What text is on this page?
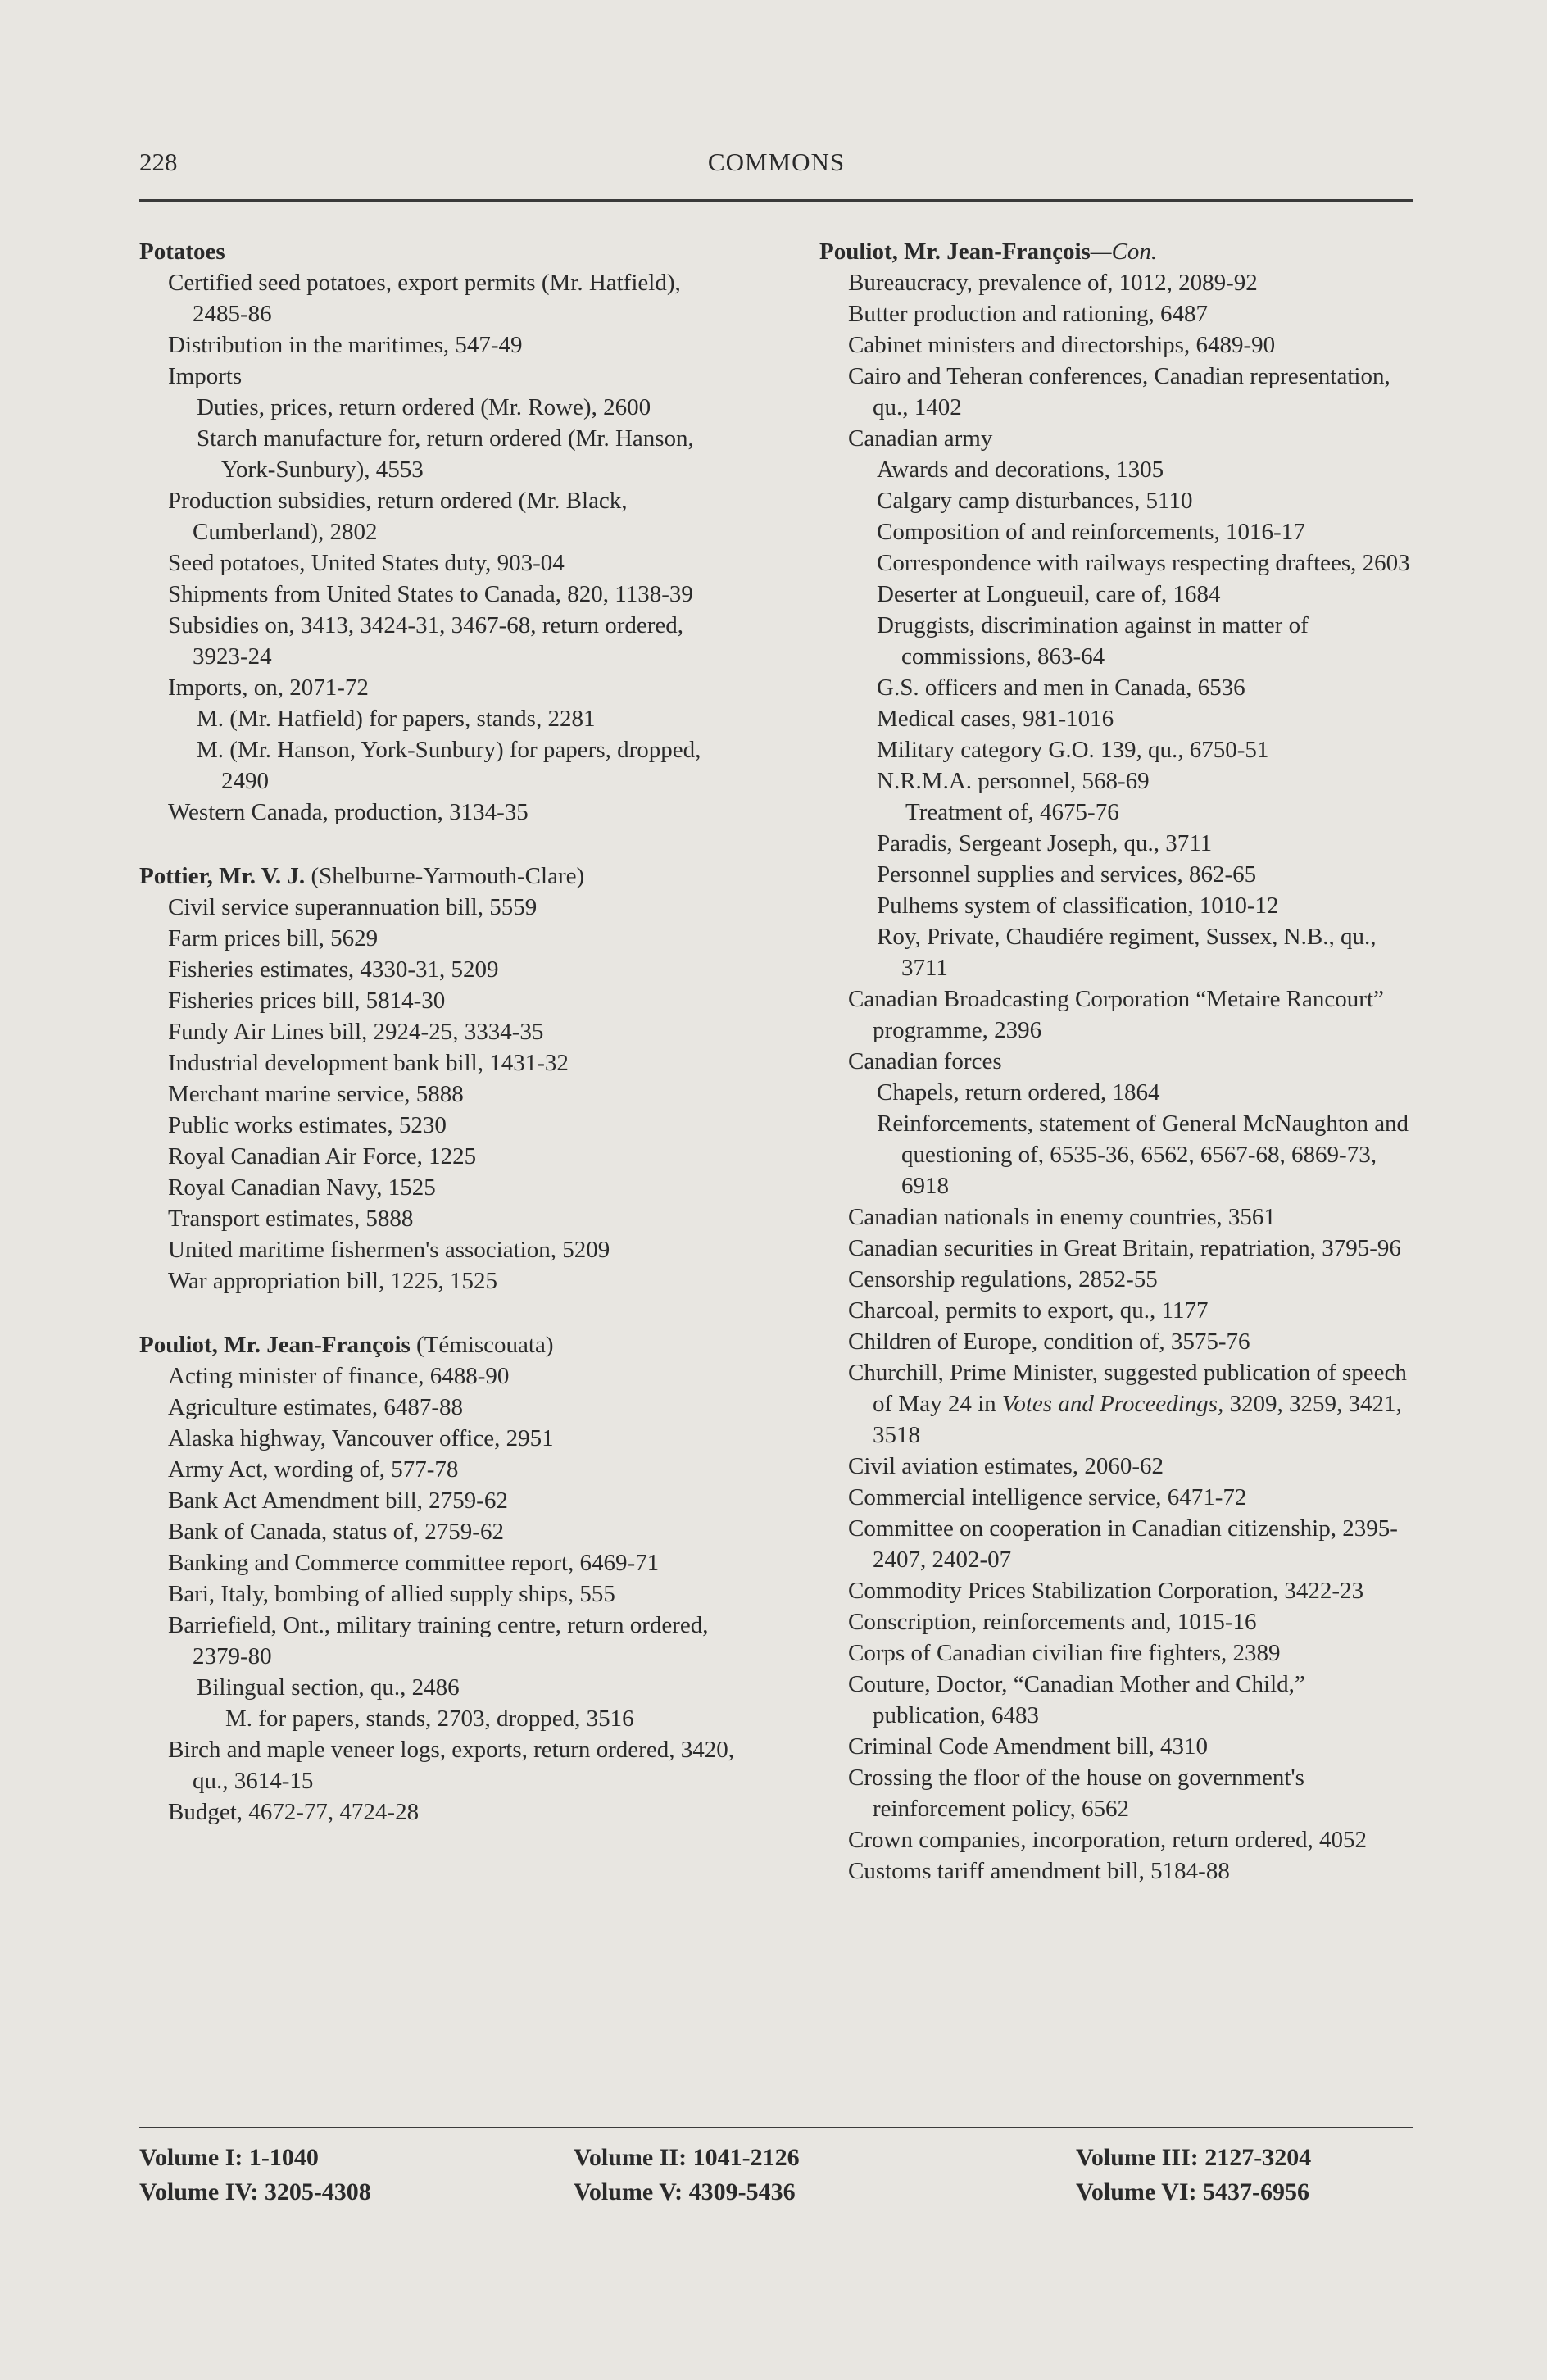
228	COMMONS
Potatoes
Certified seed potatoes, export permits (Mr. Hatfield), 2485-86
Distribution in the maritimes, 547-49
Imports
Duties, prices, return ordered (Mr. Rowe), 2600
Starch manufacture for, return ordered (Mr. Hanson, York-Sunbury), 4553
Production subsidies, return ordered (Mr. Black, Cumberland), 2802
Seed potatoes, United States duty, 903-04
Shipments from United States to Canada, 820, 1138-39
Subsidies on, 3413, 3424-31, 3467-68, return ordered, 3923-24
Imports, on, 2071-72
M. (Mr. Hatfield) for papers, stands, 2281
M. (Mr. Hanson, York-Sunbury) for papers, dropped, 2490
Western Canada, production, 3134-35
Pottier, Mr. V. J. (Shelburne-Yarmouth-Clare)
Civil service superannuation bill, 5559
Farm prices bill, 5629
Fisheries estimates, 4330-31, 5209
Fisheries prices bill, 5814-30
Fundy Air Lines bill, 2924-25, 3334-35
Industrial development bank bill, 1431-32
Merchant marine service, 5888
Public works estimates, 5230
Royal Canadian Air Force, 1225
Royal Canadian Navy, 1525
Transport estimates, 5888
United maritime fishermen's association, 5209
War appropriation bill, 1225, 1525
Pouliot, Mr. Jean-François (Témiscouata)
Acting minister of finance, 6488-90
Agriculture estimates, 6487-88
Alaska highway, Vancouver office, 2951
Army Act, wording of, 577-78
Bank Act Amendment bill, 2759-62
Bank of Canada, status of, 2759-62
Banking and Commerce committee report, 6469-71
Bari, Italy, bombing of allied supply ships, 555
Barriefield, Ont., military training centre, return ordered, 2379-80
Bilingual section, qu., 2486
M. for papers, stands, 2703, dropped, 3516
Birch and maple veneer logs, exports, return ordered, 3420, qu., 3614-15
Budget, 4672-77, 4724-28
Pouliot, Mr. Jean-François—Con.
Bureaucracy, prevalence of, 1012, 2089-92
Butter production and rationing, 6487
Cabinet ministers and directorships, 6489-90
Cairo and Teheran conferences, Canadian representation, qu., 1402
Canadian army
Awards and decorations, 1305
Calgary camp disturbances, 5110
Composition of and reinforcements, 1016-17
Correspondence with railways respecting draftees, 2603
Deserter at Longueuil, care of, 1684
Druggists, discrimination against in matter of commissions, 863-64
G.S. officers and men in Canada, 6536
Medical cases, 981-1016
Military category G.O. 139, qu., 6750-51
N.R.M.A. personnel, 568-69
Treatment of, 4675-76
Paradis, Sergeant Joseph, qu., 3711
Personnel supplies and services, 862-65
Pulhems system of classification, 1010-12
Roy, Private, Chaudiére regiment, Sussex, N.B., qu., 3711
Canadian Broadcasting Corporation “Metaire Rancourt” programme, 2396
Canadian forces
Chapels, return ordered, 1864
Reinforcements, statement of General McNaughton and questioning of, 6535-36, 6562, 6567-68, 6869-73, 6918
Canadian nationals in enemy countries, 3561
Canadian securities in Great Britain, repatriation, 3795-96
Censorship regulations, 2852-55
Charcoal, permits to export, qu., 1177
Children of Europe, condition of, 3575-76
Churchill, Prime Minister, suggested publication of speech of May 24 in Votes and Proceedings, 3209, 3259, 3421, 3518
Civil aviation estimates, 2060-62
Commercial intelligence service, 6471-72
Committee on cooperation in Canadian citizenship, 2395-2407, 2402-07
Commodity Prices Stabilization Corporation, 3422-23
Conscription, reinforcements and, 1015-16
Corps of Canadian civilian fire fighters, 2389
Couture, Doctor, “Canadian Mother and Child,” publication, 6483
Criminal Code Amendment bill, 4310
Crossing the floor of the house on government's reinforcement policy, 6562
Crown companies, incorporation, return ordered, 4052
Customs tariff amendment bill, 5184-88
Volume I: 1-1040
Volume IV: 3205-4308
Volume II: 1041-2126
Volume V: 4309-5436
Volume III: 2127-3204
Volume VI: 5437-6956
